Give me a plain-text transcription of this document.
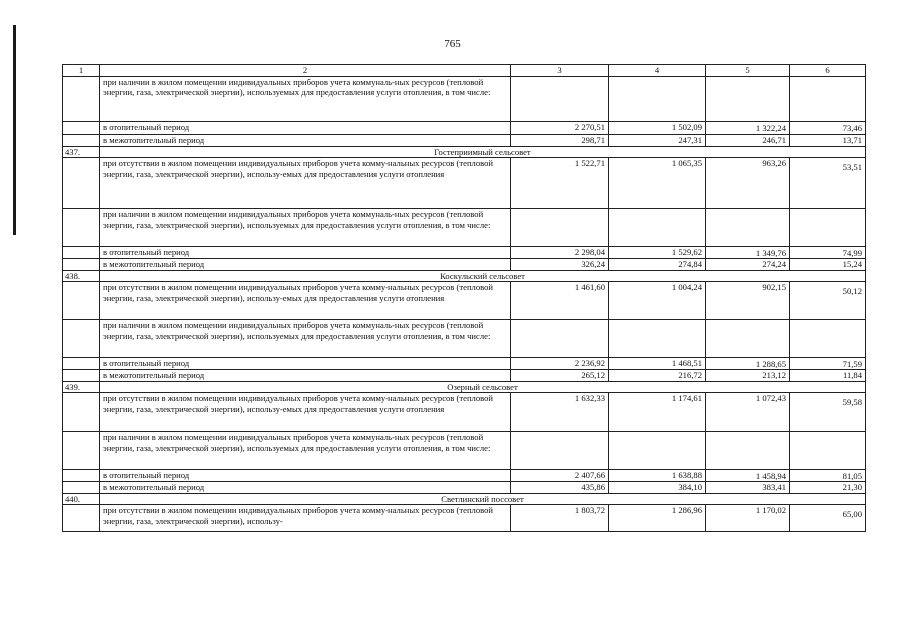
765
1	2	3	4	5	6
	при наличии в жилом помещении индивидуальных приборов учета коммуналь-ных ресурсов (тепловой энергии, газа, электрической энергии), используемых для предоставления услуги отопления, в том числе:				
	в отопительный период	2 270,51	1 502,09	1 322,24	73,46
	в межотопительный период	298,71	247,31	246,71	13,71
437.	Гостеприимный сельсовет				
	при отсутствии в жилом помещении индивидуальных приборов учета комму-нальных ресурсов (тепловой энергии, газа, электрической энергии), использу-емых для предоставления услуги отопления	1 522,71	1 065,35	963,26	53,51
	при наличии в жилом помещении индивидуальных приборов учета коммуналь-ных ресурсов (тепловой энергии, газа, электрической энергии), используемых для предоставления услуги отопления, в том числе:				
	в отопительный период	2 298,04	1 529,62	1 349,76	74,99
	в межотопительный период	326,24	274,84	274,24	15,24
438.	Коскульский сельсовет				
	при отсутствии в жилом помещении индивидуальных приборов учета комму-нальных ресурсов (тепловой энергии, газа, электрической энергии), использу-емых для предоставления услуги отопления	1 461,60	1 004,24	902,15	50,12
	при наличии в жилом помещении индивидуальных приборов учета коммуналь-ных ресурсов (тепловой энергии, газа, электрической энергии), используемых для предоставления услуги отопления, в том числе:				
	в отопительный период	2 236,92	1 468,51	1 288,65	71,59
	в межотопительный период	265,12	216,72	213,12	11,84
439.	Озерный сельсовет				
	при отсутствии в жилом помещении индивидуальных приборов учета комму-нальных ресурсов (тепловой энергии, газа, электрической энергии), использу-емых для предоставления услуги отопления	1 632,33	1 174,61	1 072,43	59,58
	при наличии в жилом помещении индивидуальных приборов учета коммуналь-ных ресурсов (тепловой энергии, газа, электрической энергии), используемых для предоставления услуги отопления, в том числе:				
	в отопительный период	2 407,66	1 638,88	1 458,94	81,05
	в межотопительный период	435,86	384,10	383,41	21,30
440.	Светлинский поссовет				
	при отсутствии в жилом помещении индивидуальных приборов учета комму-нальных ресурсов (тепловой энергии, газа, электрической энергии), использу-	1 803,72	1 286,96	1 170,02	65,00
